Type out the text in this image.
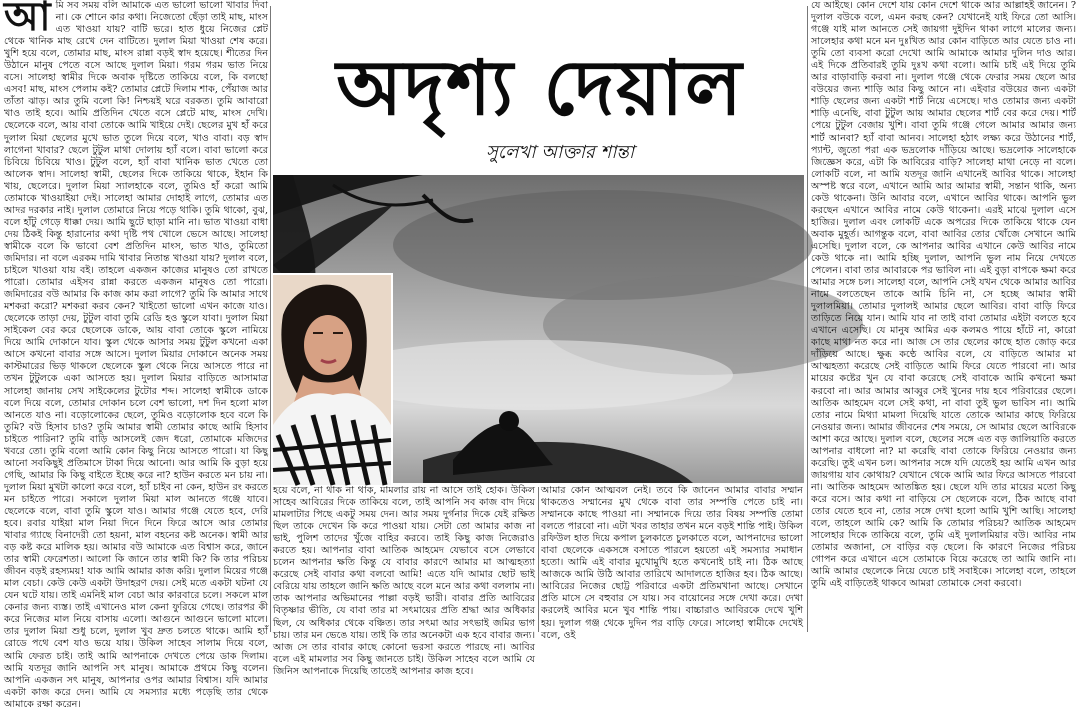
আ মি সব সময় বলি আমাকে এত ভালো ভালো খাবার দিবা না। কে শোনে কার কথা। নিজেতো ছেঁড়া তাই মাছ, মাংস এত খাওয়া যায়? বাটি ভরে। হাত ধুয়ে নিজের প্লেট থেকে খানিক মাছ রেখে দেন বাটিতে। দুলাল মিয়া খাওয়া শেষ করে। খুশি হয়ে বলে, তোমার মাছ, মাংস রান্না বড়ই স্বাদ হয়েছে। শীতের দিন উঠানে মানুষ পেতে বসে আছে দুলাল মিয়া। গরম গরম ভাত নিয়ে বসে। সালেহা স্বামীর দিকে অবাক দৃষ্টিতে তাকিয়ে বলে, কি বলছো এসব! মাছ, মাংস পেলাম কই? তোমার প্লেটে দিলাম শাক, পেঁয়াজ আর তাঁতা ঝাড়। আর তুমি বলো কি! নিশ্চয়ই ঘরে বরকত। তুমি আবারো খাও তাই হবে। আমি প্রতিদিন খেতে বসে প্লেটে মাছ, মাংস দেখি। ছেলেকে বলে, আয় বাবা তোকে আমি খাইয়ে দেই। ছেলের মুখ হাঁ করে দুলাল মিয়া ছেলের মুখে ভাত তুলে দিয়ে বলে, খাও বাবা। বড় স্বাদ লাগেনা খাবার? ছেলে টুটুল মাথা দোলায় হ্যাঁ বলে। বাবা ভালো করে চিবিয়ে চিবিয়ে খাও। টুটুল বলে, হ্যাঁ বাবা খানিক ভাত খেতে তো আলেক স্বাদ। সালেহা স্বামী, ছেলের দিকে তাকিয়ে থাকে, ইহান কি খায়, ছেলেরে। দুলাল মিয়া স্যালহাকে বলে, তুমিও হাঁ করো আমি তোমাকে খাওয়াইয়া দেই। সালেহা আমার দোহাই লাগে, তোমার এত আদর দরকার নাই। দুলাল তোমারে নিয়ে পড়ে থাকি। তুমি থাকো, বুঝ, বলে হাঁটু গেড়ে ধাক্কা দেয়। আমি ছুটে ছাড়া মানি না। ভাত খাওয়া বাধা দেয় ঠিকই কিন্তু হারানোর কথা দৃষ্টি পথ খোলে ভেসে আছে। সালেহা স্বামীকে বলে কি ভাবো বেশ প্রতিদিন মাংস, ভাত খাও, তুমিতো জমিদার। না বলে এরকম দামি খাবার নিতান্ত খাওয়া যায়? দুলাল বলে, চাইলে খাওয়া যায় বই। তাহলে একজন কাজের মানুষও তো রাখতে পারো। তোমার এইসব রান্না করতে একজন মানুষও তো পারো। জমিদারের বউ আমার কি কাজ কাম করা লাগে? তুমি কি আমার সাথে মশকরা করো? মশকরা করব কেন? খাইতো ভালো এখন কাজে যাও। ছেলেকে তাড়া দেয়, টুটুল বাবা তুমি রেডি হও স্কুলে যাবা। দুলাল মিয়া সাইকেল বের করে ছেলেকে ডাকে, আয় বাবা তোকে স্কুলে নামিয়ে দিয়ে আমি দোকানে যাব। স্কুল থেকে আসার সময় টুটুল কখনো একা আসে কখনো বাবার সঙ্গে আসে। দুলাল মিয়ার দোকানে অনেক সময় কাস্টমারের ভিড় থাকলে ছেলেকে স্কুল থেকে নিয়ে আসতে পারে না তখন টুটুলকে একা আসতে হয়। দুলাল মিয়ার বাড়িতে আসামাত্র সালেহা জানায় সেখ সাইকেলের টুটোর শব্দ। সালেহা স্বামীকে ডাকে বলে দিয়ে বলে, তোমার দোকান চলে বেশ ভালো, দশ দিন হলো মাল আনতে যাও না। বড়োলোকের ছেলে, তুমিও বড়োলোক হবে বলে কি তুমি? বউ হিসাব চাও? তুমি আমার স্বামী তোমার কাছে আমি হিসাব চাইতে পারিনা? তুমি বাড়ি আসলেই জেদ ধরো, তোমাকে মজিদের খবরে তো। তুমি বলো আমি কোন কিছু নিয়ে আসতে পারো। যা কিছু আনো সবকিছুই প্রতিমাসে টাকা দিয়ে আনো। আর আমি কি বুড়া হয়ে গেছি, আমার কি কিছু বাইতে ইচ্ছে করে না? হাউন করতে মন চায় না। দুলাল মিয়া মুখটা কালো করে বলে, হ্যাঁ চাইব না কেন, হাউন রং করতে মন চাইতে পারে। সকালে দুলাল মিয়া মাল আনতে গঞ্জে যাবে। ছেলেকে বলে, বাবা তুমি স্কুলে যাও। আমার গঞ্জে যেতে হবে, দেরি হবে। রবার যাইয়া মাল নিয়া দিনে দিনে ফিরে আসে আর তোমার খাবার গ্যাছে বিনাদেরী তো হয়না, মাল বহনের কষ্ট অনেক। স্বামী আর বড় কষ্ট করে মালিক হয়। আমার বউ আমাকে এত বিশ্বাস করে, জানে তার স্বামী ফেরেশতা। আলো কি জানে তার স্বামী কি? কি তার পরিচয় জীবন বড়ই রহস্যময়! যাক আমি আমার কাজ করি। দুলাল মিয়ের গঞ্জে মাল বেচা। কেউ কেউ একটা উদাহরণ দেয়। সেই মতে একটা ঘটনা যে যেন ঘটে যায়। তাই এমনিই মাল বেচা আর কারবারে চলে। সকলে মাল কেনার জন্য ব্যস্ত। তাই এখানেও মাল কেনা ফুরিয়ে গেছে। তারপর কী করে নিজের মাল নিয়ে বাসায় এলো। আগুনে আগুনে ভালো মালে। তার দুলাল মিয়া শুধু চলে, দুলাল খুব দ্রুত চলতে থাকে। আমি হ্যাঁ রোডে পথে বেশ যাও ভয়ে যায়। উকিল সাহেব সালাম দিয়ে বলে, আমি ফেরত চাই। তাই আমি আপনাকে দেখতে পেয়ে ডাক দিলাম। আমি যতদূর জানি আপনি সৎ মানুষ। আমাকে প্রথমে কিছু বলেন। আপনি একজন সৎ মানুষ, আপনার ওপর আমার বিশ্বাস। যদি আমার একটা কাজ করে দেন। আমি যে সমস্যার মধ্যে পড়েছি তার থেকে আমাকে রক্ষা করেন।
অদৃশ্য দেয়াল
সুলেখা আক্তার শান্তা

হয়ে বলে, না থাক না থাক, মামলার রায় না আসে তাই হোক। উকিল সাহেব আবিরের দিকে তাকিয়ে বলে, তাই আপনি সব কাজ বাদ দিয়ে মামলাটার পিছে একটু সময় দেন। আর সময় দুর্গনার দিকে যেই রক্ষিত ছিল তাকে দেখেন কি করে পাওয়া যায়। সেটা তো আমার কাজ না ভাই, পুলিশ তাদের খুঁজে বাহির করবে। তাই কিছু কাজ নিজেরাও করতে হয়। আপনার বাবা আতিক আহমেদ যেভাবে বসে লেভাবে চলেন আপনার ক্ষতি কিন্তু যে বাবার কারণে আমার মা আত্মহত্যা করেছে সেই বাবার কথা বলবো আমি! এতে যদি আমার ছোট ভাই বেরিয়ে যায় তাহলে জানি ক্ষতি আছে বলে মনে আর কথা বললাম না। তাক আপনার অভিমানের পাল্লা বড়ই ভারী। বাবার প্রতি আবিরের বিতৃষ্ণার ভীতি, যে বাবা তার মা সৎমায়ের প্রতি শ্রদ্ধা আর অধিকার ছিল, যে অধিকার থেকে বঞ্চিত। তার সৎমা আর সৎভাই জমির ভাগ চায়। তার মন ভেঙে যায়। তাই কি তার অনেকটা এক হবে বাবার জন্য। আজ সে তার বাবার কাছে কোনো ভরসা করতে পারছে না। আবির বলে এই মামলার সব কিছু জানতে চাই। উকিল সাহেব বলে আমি যে জিনিস আপনাকে দিয়েছি তাতেই আপনার কাজ হবে।

আমার কোন আত্মবল নেই। তবে কি জানেন আমার বাবার সম্মান থাকতেও সম্মানের মুখ থেকে বাবা তার সম্পত্তি পেতে চাই না। সম্মানকে কাছে পাওয়া না। সম্মানকে দিয়ে তার বিষয় সম্পত্তি তোমা বলতে পারবো না। এটা খবর তাহার তখন মনে বড়ই শান্তি পাই। উকিল রফিউল হাত দিয়ে কপাল চুলকাতে চুলকাতে বলে, আপনাদের ভালো বাবা ছেলেকে একসঙ্গে বসাতে পারলে হয়তো এই সমস্যার সমাধান হতো। আমি এই বাবার মুখোমুখি হতে কখনোই চাই না। ঠিক আছে আজকে আমি উঠি আবার তারিখে আদালতে হাজির হব। ঠিক আছে। আবিরের নিজের ছোট্ট পরিবারে একটা প্রতিমখানা আছে। সেখানে প্রতি মাসে সে বহুবার সে যায়। সব বায়োনের সঙ্গে দেখা করে। দেখা করলেই আবির মনে খুব শান্তি পায়। বাচ্চারাও আবিরকে দেখে খুশি হয়। দুলাল গঞ্জ থেকে দুদিন পর বাড়ি ফেরে। সালেহা স্বামীকে দেখেই বলে, ওই

যে আইছে। কোন দেশে যায় কোন দেশে থাকে আর আল্লাহই জানেন। ? দুলাল বউকে বলে, এমন করছ কেন? যেখানেই যাই ফিরে তো আসি। গঞ্জে যাই মাল আনতে সেই জায়গা দুইদিন থাকা লাগে মালের জন্য। সালেহার কথা মনে মন দুঃখিত আর কোন বাড়িতে আর যেতে চাও না। তুমি তো ব্যবসা করো দেখো আমি আমাকে আমার দুলিন দাও আর। এই দিকে প্রতিবারই তুমি দুঃখ কথা বলো। আমি চাই এই দিয়ে তুমি আর বাড়াবাড়ি করবা না। দুলাল গঞ্জে থেকে ফেরার সময় ছেলে আর বউয়ের জন্য শাড়ি আর কিছু আনে না। এইবার বউয়ের জন্য একটা শাড়ি ছেলের জন্য একটা শার্ট নিয়ে এসেছে। দাও তোমার জন্য একটা শাড়ি এনেছি, বাবা টুটুল আয় আমার ছেলের শার্ট বের করে দেয়। শার্ট পেয়ে টুটুল বেজায় খুশি। বাবা তুমি গঞ্জে গেলে আমার আমার জন্য শার্ট আনবা? হ্যাঁ বাবা আনব। সালেহা হঠাৎ লক্ষ্য করে উঠানের শার্ট, প্যান্ট, জুতো পরা এক ভদ্রলোক দাঁড়িয়ে আছে। ভদ্রলোক সালেহাকে জিজ্ঞেস করে, এটা কি আবিরের বাড়ি? সালেহা মাথা নেড়ে না বলে। লোকটি বলে, না আমি যতদূর জানি এখানেই আবির থাকে। সালেহা অস্পষ্ট স্বরে বলে, এখানে আমি আর আমার স্বামী, সন্তান থাকি, অন্য কেউ থাকেনা। উনি আবার বলে, এখানে আবির থাকে। আপনি ভুল করছেন এখানে আবির নামে কেউ থাকেনা। এরই মাঝে দুলাল এসে হাজির। দুলাল এবং লোকটি একে অপরের দিকে তাকিয়ে থাকে যেন অবাক মুহূর্ত। আগন্তুক বলে, বাবা আবির তোর খোঁজে সেখানে আমি এসেছি। দুলাল বলে, কে আপনার আবির এখানে কেউ আবির নামে কেউ থাকে না। আমি হচ্ছি দুলাল, আপনি ভুল নাম নিয়ে দেখতে পেলেন। বাবা তার আবারকে পর ভাবিল না। এই বুড়া বাপকে ক্ষমা করে আমার সঙ্গে চল। সালেহা বলে, আপনি সেই যখন থেকে আমার আবির নামে বলতেছেন তাকে আমি চিনি না, সে হচ্ছে আমার স্বামী দুলালমিয়া। তোমার দুলালই আমার ছেলে আবির। বাবা বাড়ি ফিরে তাড়িতে নিয়ে যান। আমি যাব না তাই বাবা তোমার এইটা বলতে হবে এখানে এসেছি। যে মানুষ আমির এক কলমও পায়ে হাঁটে না, কারো কাছে মাথা নত করে না। আজ সে তার ছেলের কাছে হাত জোড় করে দাঁড়িয়ে আছে। ক্ষুব্ধ কণ্ঠে আবির বলে, যে বাড়িতে আমার মা আত্মহত্যা করেছে সেই বাড়িতে আমি ফিরে যেতে পারবো না। আর মায়ের কষ্টের খুন যে বাবা করেছে সেই বাবাকে আমি কখনো ক্ষমা করবো না। আর আমার আব্বুর সেই খুনের দায় হবে পরিবারের ছেলে। আতিক আহমেদ বলে সেই কথা, না বাবা তুই ভুল ভাবিস না। আমি তোর নামে মিথ্যা মামলা দিয়েছি যাতে তোকে আমার কাছে ফিরিয়ে নেওয়ার জন্য। আমার জীবনের শেষ সময়ে, সে আমার ছেলে আবিরকে আশা করে আছে। দুলাল বলে, ছেলের সঙ্গে এত বড় জালিয়াতি করতে আপনার বাধলো না? মা করেছি বাবা তোকে ফিরিয়ে নেওয়ার জন্য করেছি। তুই এখন চল। আপনার সঙ্গে যদি যেতেই হয় আমি এখন আর জায়গায় যাব কোথায়? যেখানে থেকে আমি আর ফিরে আসতে পারবো না। আতিক আহমেদ আতঙ্কিত হয়। ছেলে যদি তার মায়ের মতো কিছু করে বসে। আর কথা না বাড়িয়ে সে ছেলেকে বলে, ঠিক আছে বাবা তোর যেতে হবে না, তোর সঙ্গে দেখা হলো আমি খুশি আছি। সালেহা বলে, তাহলে আমি কে? আমি কি তোমার পরিচয়? আতিক আহমেদ সালেহার দিকে তাকিয়ে বলে, তুমি এই দুলালমিয়ার বউ। আবির নাম তোমার অজানা, সে বাড়ির বড় ছেলে। কি কারণে নিজের পরিচয় গোপন করে এখানে এসে তোমাকে বিয়ে করেছে তা আমি জানি না। আমি আমার ছেলেকে নিয়ে যেতে চাই সবাইকে। সালেহা বলে, তাহলে তুমি এই বাড়িতেই থাকবে আমরা তোমাকে সেবা করবো।
